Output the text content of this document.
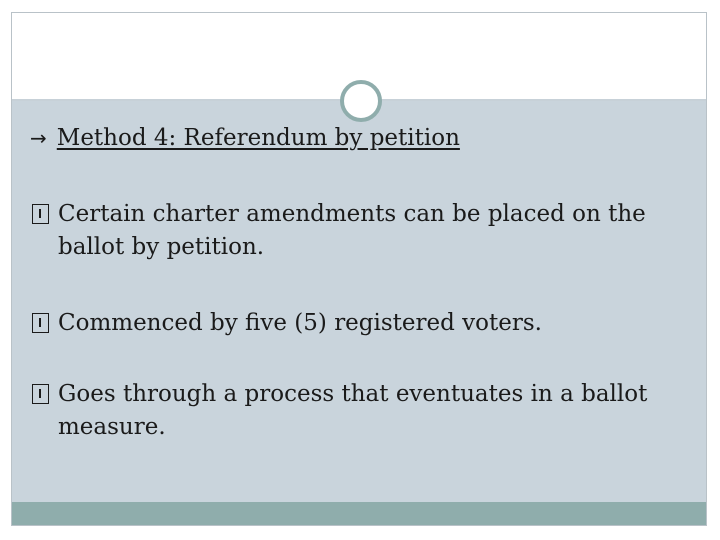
→ Method 4: Referendum by petition
Certain charter amendments can be placed on the ballot by petition.
Commenced by five (5) registered voters.
Goes through a process that eventuates in a ballot measure.
